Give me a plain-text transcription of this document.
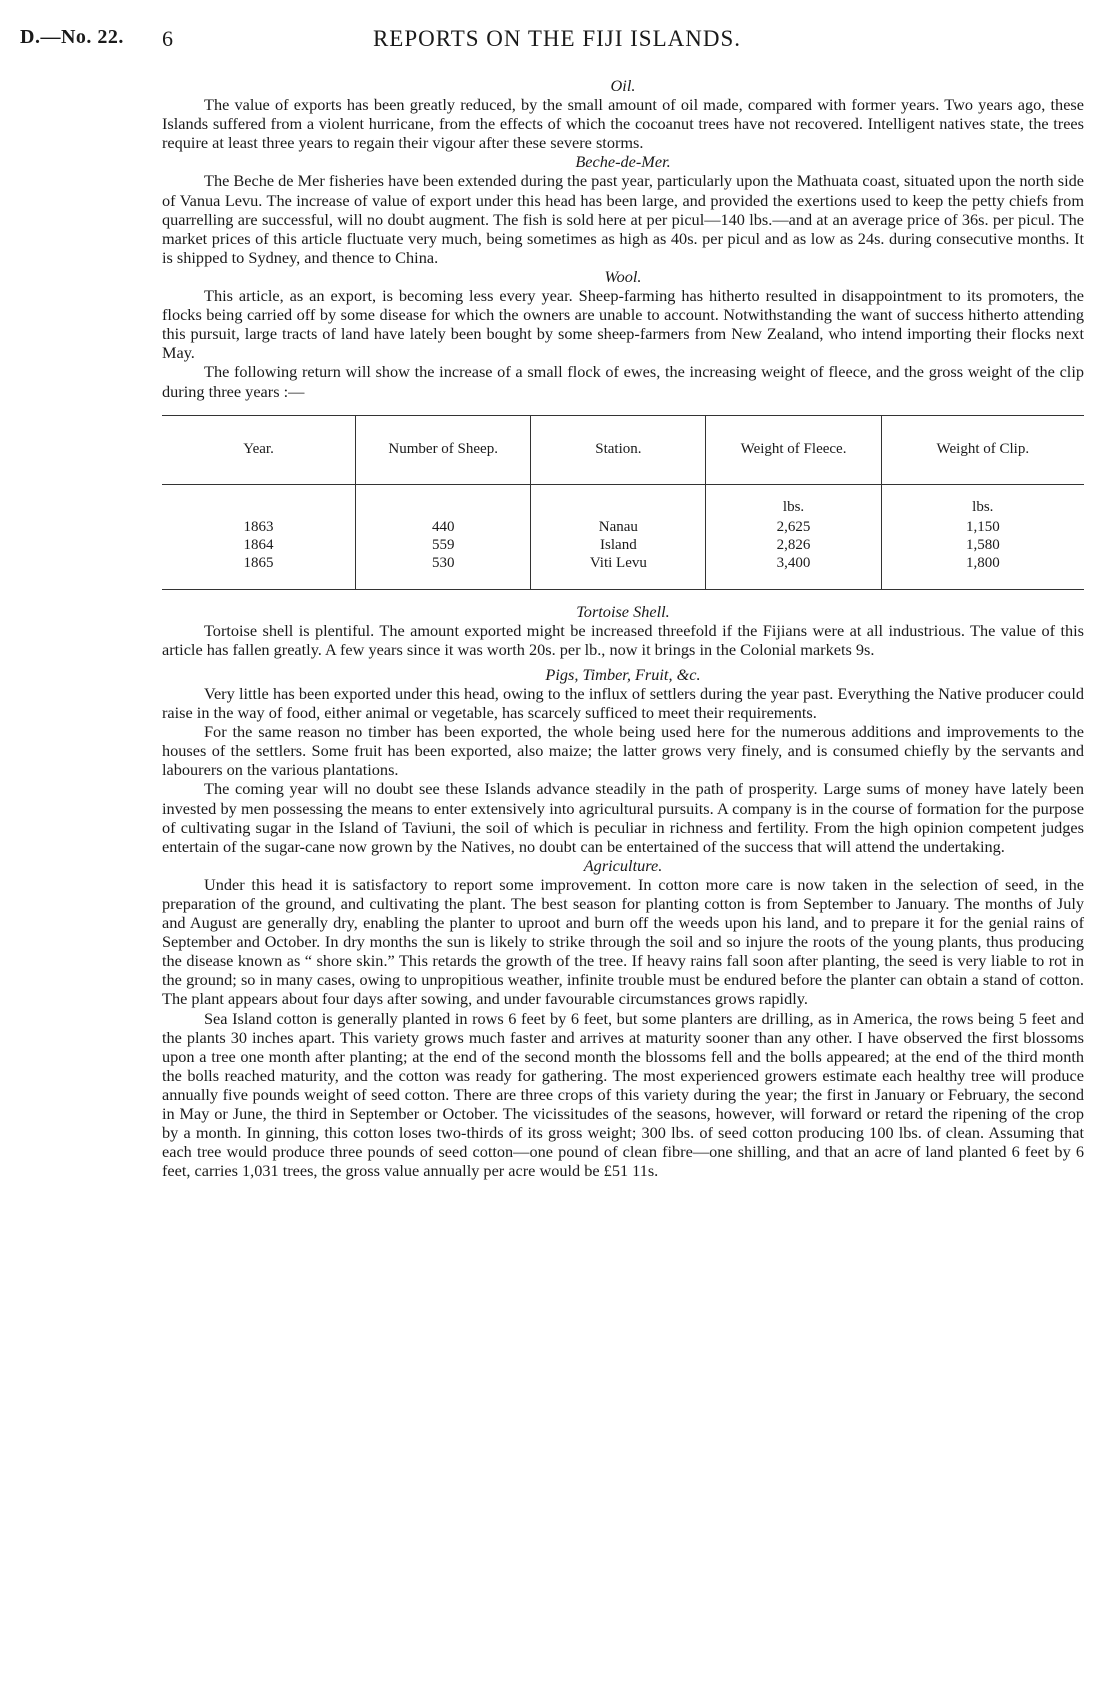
D.—No. 22. 6	REPORTS ON THE FIJI ISLANDS.
Oil.

The value of exports has been greatly reduced, by the small amount of oil made, compared with former years. Two years ago, these Islands suffered from a violent hurricane, from the effects of which the cocoanut trees have not recovered. Intelligent natives state, the trees require at least three years to regain their vigour after these severe storms.

Beche-de-Mer.

The Beche de Mer fisheries have been extended during the past year, particularly upon the Mathuata coast, situated upon the north side of Vanua Levu. The increase of value of export under this head has been large, and provided the exertions used to keep the petty chiefs from quarrelling are successful, will no doubt augment. The fish is sold here at per picul—140 lbs.—and at an average price of 36s. per picul. The market prices of this article fluctuate very much, being sometimes as high as 40s. per picul and as low as 24s. during consecutive months. It is shipped to Sydney, and thence to China.

Wool.

This article, as an export, is becoming less every year. Sheep-farming has hitherto resulted in disappointment to its promoters, the flocks being carried off by some disease for which the owners are unable to account. Notwithstanding the want of success hitherto attending this pursuit, large tracts of land have lately been bought by some sheep-farmers from New Zealand, who intend importing their flocks next May.

The following return will show the increase of a small flock of ewes, the increasing weight of fleece, and the gross weight of the clip during three years :—

Year.	Number of Sheep.	Station.	Weight of Fleece.	Weight of Clip.
			lbs.	lbs.
1863	440	Nanau	2,625	1,150
1864	559	Island	2,826	1,580
1865	530	Viti Levu	3,400	1,800

Tortoise Shell.

Tortoise shell is plentiful. The amount exported might be increased threefold if the Fijians were at all industrious. The value of this article has fallen greatly. A few years since it was worth 20s. per lb., now it brings in the Colonial markets 9s.

Pigs, Timber, Fruit, &c.

Very little has been exported under this head, owing to the influx of settlers during the year past. Everything the Native producer could raise in the way of food, either animal or vegetable, has scarcely sufficed to meet their requirements.

For the same reason no timber has been exported, the whole being used here for the numerous additions and improvements to the houses of the settlers. Some fruit has been exported, also maize; the latter grows very finely, and is consumed chiefly by the servants and labourers on the various plantations.

The coming year will no doubt see these Islands advance steadily in the path of prosperity. Large sums of money have lately been invested by men possessing the means to enter extensively into agricultural pursuits. A company is in the course of formation for the purpose of cultivating sugar in the Island of Taviuni, the soil of which is peculiar in richness and fertility. From the high opinion competent judges entertain of the sugar-cane now grown by the Natives, no doubt can be entertained of the success that will attend the undertaking.

Agriculture.

Under this head it is satisfactory to report some improvement. In cotton more care is now taken in the selection of seed, in the preparation of the ground, and cultivating the plant. The best season for planting cotton is from September to January. The months of July and August are generally dry, enabling the planter to uproot and burn off the weeds upon his land, and to prepare it for the genial rains of September and October. In dry months the sun is likely to strike through the soil and so injure the roots of the young plants, thus producing the disease known as “ shore skin.” This retards the growth of the tree. If heavy rains fall soon after planting, the seed is very liable to rot in the ground; so in many cases, owing to unpropitious weather, infinite trouble must be endured before the planter can obtain a stand of cotton. The plant appears about four days after sowing, and under favourable circumstances grows rapidly.

Sea Island cotton is generally planted in rows 6 feet by 6 feet, but some planters are drilling, as in America, the rows being 5 feet and the plants 30 inches apart. This variety grows much faster and arrives at maturity sooner than any other. I have observed the first blossoms upon a tree one month after planting; at the end of the second month the blossoms fell and the bolls appeared; at the end of the third month the bolls reached maturity, and the cotton was ready for gathering. The most experienced growers estimate each healthy tree will produce annually five pounds weight of seed cotton. There are three crops of this variety during the year; the first in January or February, the second in May or June, the third in September or October. The vicissitudes of the seasons, however, will forward or retard the ripening of the crop by a month. In ginning, this cotton loses two-thirds of its gross weight; 300 lbs. of seed cotton producing 100 lbs. of clean. Assuming that each tree would produce three pounds of seed cotton—one pound of clean fibre—one shilling, and that an acre of land planted 6 feet by 6 feet, carries 1,031 trees, the gross value annually per acre would be £51 11s.
